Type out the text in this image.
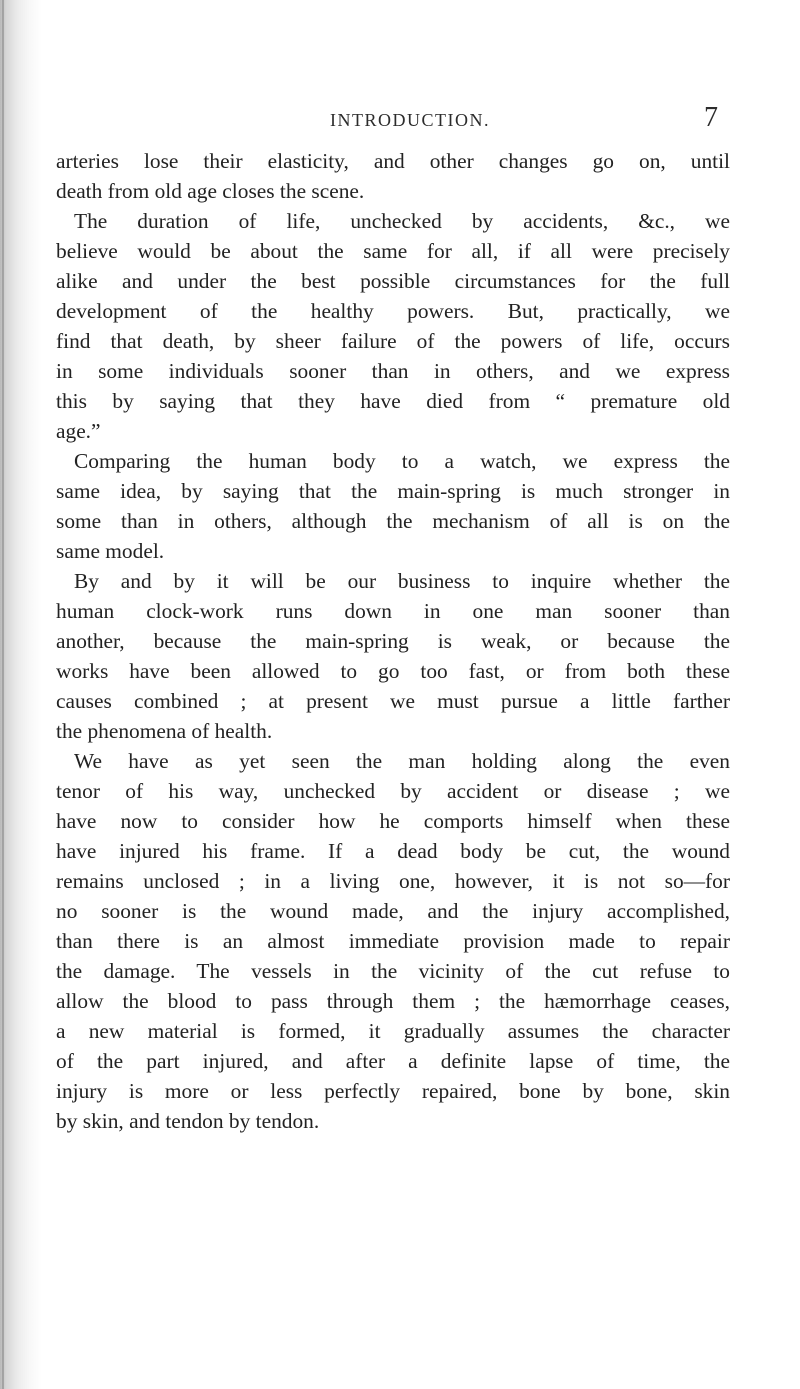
INTRODUCTION.	7
arteries lose their elasticity, and other changes go on, until
death from old age closes the scene.
The duration of life, unchecked by accidents, &c., we
believe would be about the same for all, if all were precisely
alike and under the best possible circumstances for the full
development of the healthy powers. But, practically, we
find that death, by sheer failure of the powers of life, occurs
in some individuals sooner than in others, and we express
this by saying that they have died from “ premature old
age.”
Comparing the human body to a watch, we express the
same idea, by saying that the main-spring is much stronger in
some than in others, although the mechanism of all is on the
same model.
By and by it will be our business to inquire whether the
human clock-work runs down in one man sooner than
another, because the main-spring is weak, or because the
works have been allowed to go too fast, or from both these
causes combined ; at present we must pursue a little farther
the phenomena of health.
We have as yet seen the man holding along the even
tenor of his way, unchecked by accident or disease ; we
have now to consider how he comports himself when these
have injured his frame. If a dead body be cut, the wound
remains unclosed ; in a living one, however, it is not so—for
no sooner is the wound made, and the injury accomplished,
than there is an almost immediate provision made to repair
the damage. The vessels in the vicinity of the cut refuse to
allow the blood to pass through them ; the hæmorrhage ceases,
a new material is formed, it gradually assumes the character
of the part injured, and after a definite lapse of time, the
injury is more or less perfectly repaired, bone by bone, skin
by skin, and tendon by tendon.
